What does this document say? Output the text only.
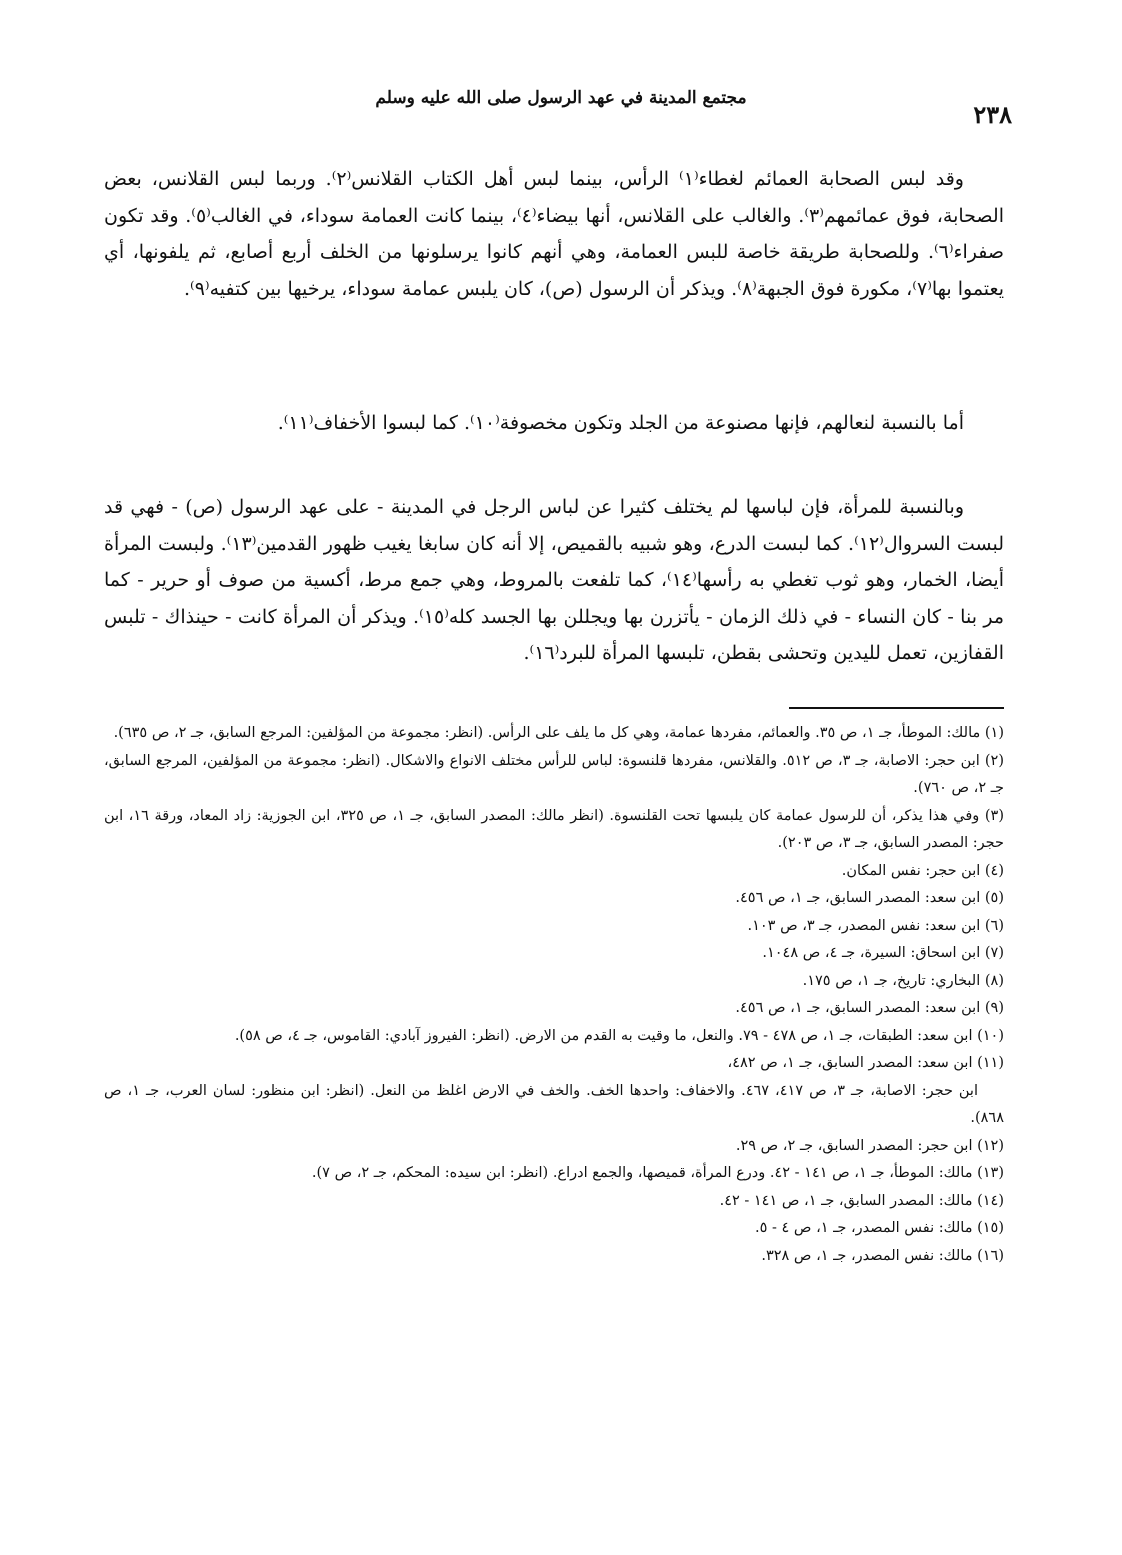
مجتمع المدينة في عهد الرسول صلى الله عليه وسلم
٢٣٨

وقد لبس الصحابة العمائم لغطاء⁽١⁾ الرأس، بينما لبس أهل الكتاب القلانس⁽٢⁾. وربما لبس القلانس، بعض الصحابة، فوق عمائمهم⁽٣⁾. والغالب على القلانس، أنها بيضاء⁽٤⁾، بينما كانت العمامة سوداء، في الغالب⁽٥⁾. وقد تكون صفراء⁽٦⁾. وللصحابة طريقة خاصة للبس العمامة، وهي أنهم كانوا يرسلونها من الخلف أربع أصابع، ثم يلفونها، أي يعتموا بها⁽٧⁾، مكورة فوق الجبهة⁽٨⁾. ويذكر أن الرسول (ص)، كان يلبس عمامة سوداء، يرخيها بين كتفيه⁽٩⁾.

أما بالنسبة لنعالهم، فإنها مصنوعة من الجلد وتكون مخصوفة⁽١٠⁾. كما لبسوا الأخفاف⁽١١⁾.

وبالنسبة للمرأة، فإن لباسها لم يختلف كثيرا عن لباس الرجل في المدينة - على عهد الرسول (ص) - فهي قد لبست السروال⁽١٢⁾. كما لبست الدرع، وهو شبيه بالقميص، إلا أنه كان سابغا يغيب ظهور القدمين⁽١٣⁾. ولبست المرأة أيضا، الخمار، وهو ثوب تغطي به رأسها⁽١٤⁾، كما تلفعت بالمروط، وهي جمع مرط، أكسية من صوف أو حرير - كما مر بنا - كان النساء - في ذلك الزمان - يأتزرن بها ويجللن بها الجسد كله⁽١٥⁾. ويذكر أن المرأة كانت - حينذاك - تلبس القفازين، تعمل لليدين وتحشى بقطن، تلبسها المرأة للبرد⁽١٦⁾.

(١) مالك: الموطأ، جـ ١، ص ٣٥. والعمائم، مفردها عمامة، وهي كل ما يلف على الرأس. (انظر: مجموعة من المؤلفين: المرجع السابق، جـ ٢، ص ٦٣٥).

(٢) ابن حجر: الاصابة، جـ ٣، ص ٥١٢. والقلانس، مفردها قلنسوة: لباس للرأس مختلف الانواع والاشكال. (انظر: مجموعة من المؤلفين، المرجع السابق، جـ ٢، ص ٧٦٠).

(٣) وفي هذا يذكر، أن للرسول عمامة كان يلبسها تحت القلنسوة. (انظر مالك: المصدر السابق، جـ ١، ص ٣٢٥، ابن الجوزية: زاد المعاد، ورقة ١٦، ابن حجر: المصدر السابق، جـ ٣، ص ٢٠٣).

(٤) ابن حجر: نفس المكان.

(٥) ابن سعد: المصدر السابق، جـ ١، ص ٤٥٦.

(٦) ابن سعد: نفس المصدر، جـ ٣، ص ١٠٣.

(٧) ابن اسحاق: السيرة، جـ ٤، ص ١٠٤٨.

(٨) البخاري: تاريخ، جـ ١، ص ١٧٥.

(٩) ابن سعد: المصدر السابق، جـ ١، ص ٤٥٦.

(١٠) ابن سعد: الطبقات، جـ ١، ص ٤٧٨ - ٧٩. والنعل، ما وقيت به القدم من الارض. (انظر: الفيروز آبادي: القاموس، جـ ٤، ص ٥٨).

(١١) ابن سعد: المصدر السابق، جـ ١، ص ٤٨٢،

ابن حجر: الاصابة، جـ ٣، ص ٤١٧، ٤٦٧. والاخفاف: واحدها الخف. والخف في الارض اغلظ من النعل. (انظر: ابن منظور: لسان العرب، جـ ١، ص ٨٦٨).

(١٢) ابن حجر: المصدر السابق، جـ ٢، ص ٢٩.

(١٣) مالك: الموطأ، جـ ١، ص ١٤١ - ٤٢. ودرع المرأة، قميصها، والجمع ادراع. (انظر: ابن سيده: المحكم، جـ ٢، ص ٧).

(١٤) مالك: المصدر السابق، جـ ١، ص ١٤١ - ٤٢.

(١٥) مالك: نفس المصدر، جـ ١، ص ٤ - ٥.

(١٦) مالك: نفس المصدر، جـ ١، ص ٣٢٨.
